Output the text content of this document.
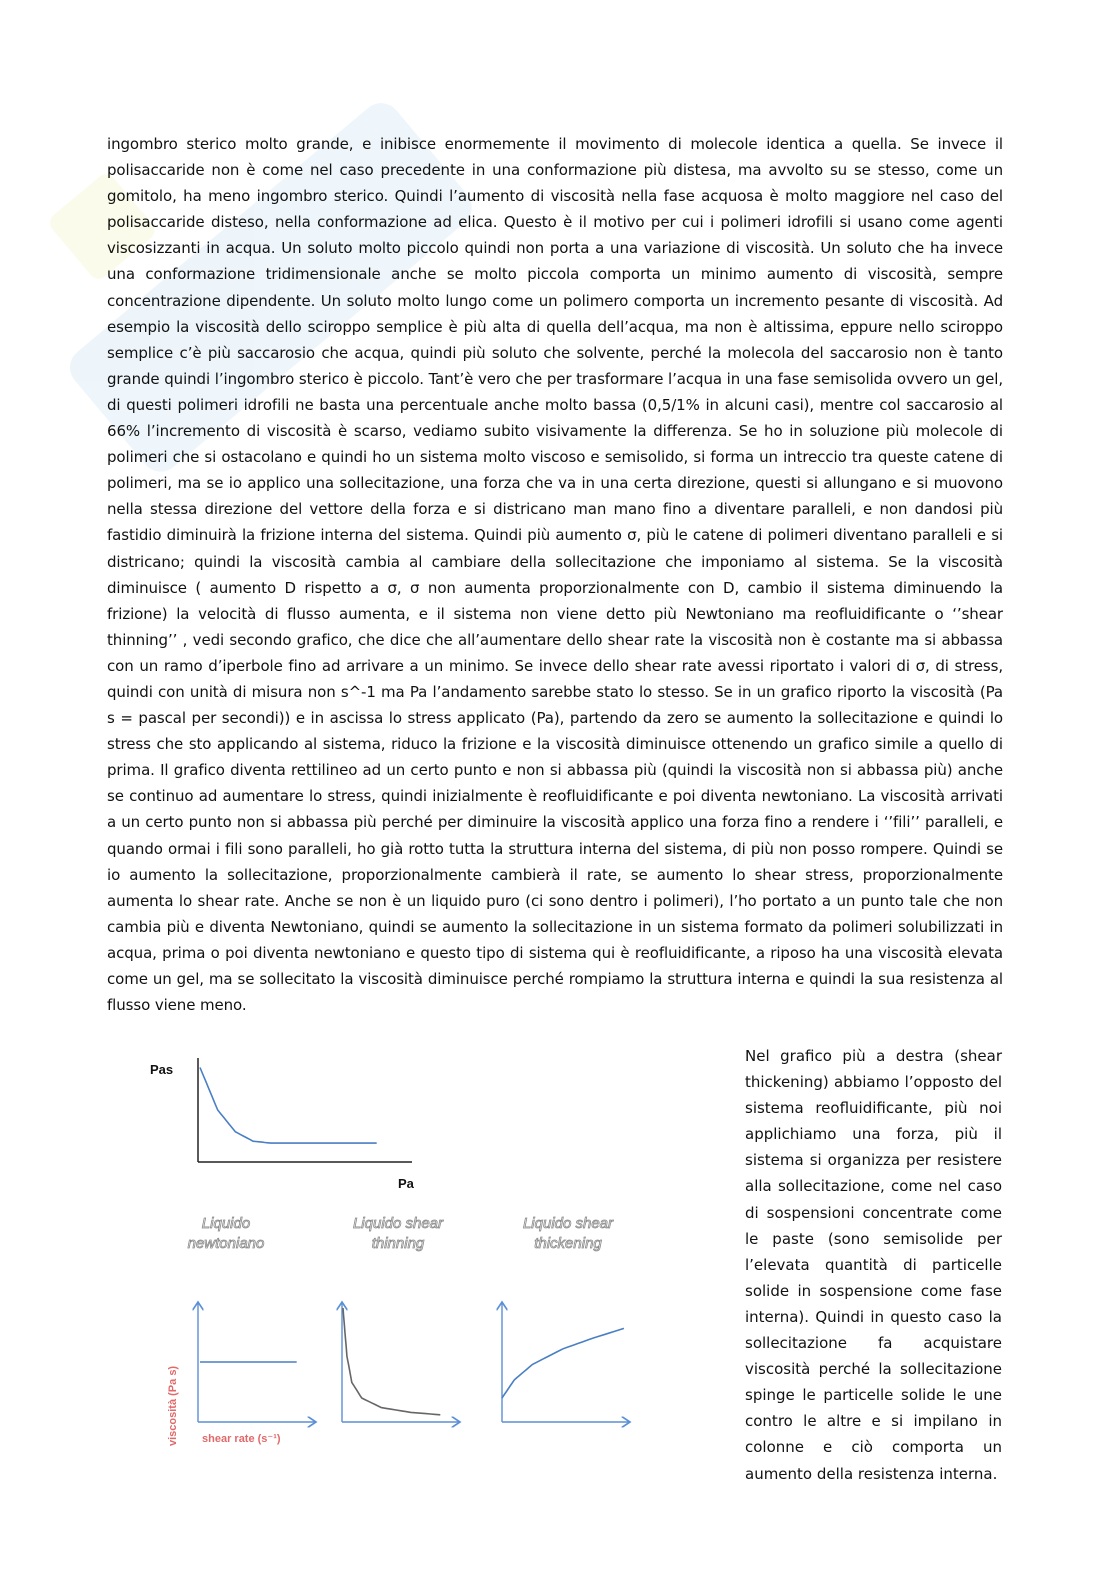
ingombro sterico molto grande, e inibisce enormemente il movimento di molecole identica a quella. Se invece il polisaccaride non è come nel caso precedente in una conformazione più distesa, ma avvolto su se stesso, come un gomitolo, ha meno ingombro sterico. Quindi l’aumento di viscosità nella fase acquosa è molto maggiore nel caso del polisaccaride disteso, nella conformazione ad elica. Questo è il motivo per cui i polimeri idrofili si usano come agenti viscosizzanti in acqua. Un soluto molto piccolo quindi non porta a una variazione di viscosità. Un soluto che ha invece una conformazione tridimensionale anche se molto piccola comporta un minimo aumento di viscosità, sempre concentrazione dipendente. Un soluto molto lungo come un polimero comporta un incremento pesante di viscosità. Ad esempio la viscosità dello sciroppo semplice è più alta di quella dell’acqua, ma non è altissima, eppure nello sciroppo semplice c’è più saccarosio che acqua, quindi più soluto che solvente, perché la molecola del saccarosio non è tanto grande quindi l’ingombro sterico è piccolo. Tant’è vero che per trasformare l’acqua in una fase semisolida ovvero un gel, di questi polimeri idrofili ne basta una percentuale anche molto bassa (0,5/1% in alcuni casi), mentre col saccarosio al 66% l’incremento di viscosità è scarso, vediamo subito visivamente la differenza. Se ho in soluzione più molecole di polimeri che si ostacolano e quindi ho un sistema molto viscoso e semisolido, si forma un intreccio tra queste catene di polimeri, ma se io applico una sollecitazione, una forza che va in una certa direzione, questi si allungano e si muovono nella stessa direzione del vettore della forza e si districano man mano fino a diventare paralleli, e non dandosi più fastidio diminuirà la frizione interna del sistema. Quindi più aumento σ, più le catene di polimeri diventano paralleli e si districano; quindi la viscosità cambia al cambiare della sollecitazione che imponiamo al sistema. Se la viscosità diminuisce ( aumento D rispetto a σ, σ non aumenta proporzionalmente con D, cambio il sistema diminuendo la frizione) la velocità di flusso aumenta, e il sistema non viene detto più Newtoniano ma reofluidificante o ‘’shear thinning’’ , vedi secondo grafico, che dice che all’aumentare dello shear rate la viscosità non è costante ma si abbassa con un ramo d’iperbole fino ad arrivare a un minimo. Se invece dello shear rate avessi riportato i valori di σ, di stress, quindi con unità di misura non s^-1 ma Pa l’andamento sarebbe stato lo stesso. Se in un grafico riporto la viscosità (Pa s = pascal per secondi)) e in ascissa lo stress applicato (Pa), partendo da zero se aumento la sollecitazione e quindi lo stress che sto applicando al sistema, riduco la frizione e la viscosità diminuisce ottenendo un grafico simile a quello di prima. Il grafico diventa rettilineo ad un certo punto e non si abbassa più (quindi la viscosità non si abbassa più) anche se continuo ad aumentare lo stress, quindi inizialmente è reofluidificante e poi diventa newtoniano. La viscosità arrivati a un certo punto non si abbassa più perché per diminuire la viscosità applico una forza fino a rendere i ‘’fili’’ paralleli, e quando ormai i fili sono paralleli, ho già rotto tutta la struttura interna del sistema, di più non posso rompere. Quindi se io aumento la sollecitazione, proporzionalmente cambierà il rate, se aumento lo shear stress, proporzionalmente aumenta lo shear rate. Anche se non è un liquido puro (ci sono dentro i polimeri), l’ho portato a un punto tale che non cambia più e diventa Newtoniano, quindi se aumento la sollecitazione in un sistema formato da polimeri solubilizzati in acqua, prima o poi diventa newtoniano e questo tipo di sistema qui è reofluidificante, a riposo ha una viscosità elevata come un gel, ma se sollecitato la viscosità diminuisce perché rompiamo la struttura interna e quindi la sua resistenza al flusso viene meno.

Nel grafico più a destra (shear thickening) abbiamo l’opposto del sistema reofluidificante, più noi applichiamo una forza, più il sistema si organizza per resistere alla sollecitazione, come nel caso di sospensioni concentrate come le paste (sono semisolide per l’elevata quantità di particelle solide in sospensione come fase interna). Quindi in questo caso la sollecitazione fa acquistare viscosità perché la sollecitazione spinge le particelle solide le une contro le altre e si impilano in colonne e ciò comporta un aumento della resistenza interna.

Pas
Pa
Liquido
newtoniano
Liquido shear
thinning
Liquido shear
thickening
viscosità (Pa s) shear rate (s⁻¹)
